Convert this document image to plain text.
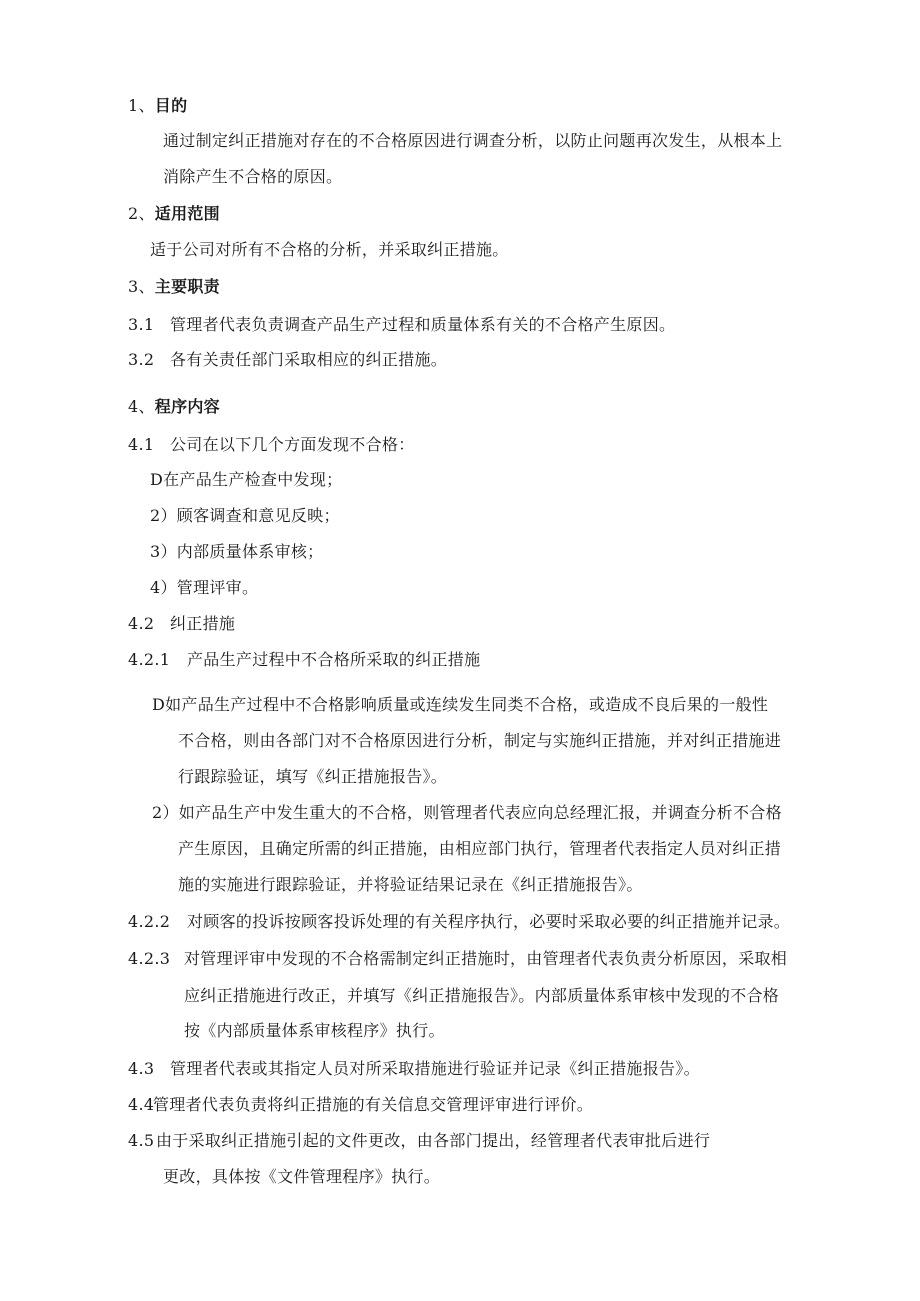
1、目的
通过制定纠正措施对存在的不合格原因进行调查分析，以防止问题再次发生，从根本上
消除产生不合格的原因。
2、适用范围
适于公司对所有不合格的分析，并采取纠正措施。
3、主要职责
3.1 管理者代表负责调查产品生产过程和质量体系有关的不合格产生原因。
3.2 各有关责任部门采取相应的纠正措施。
4、程序内容
4.1 公司在以下几个方面发现不合格：
D在产品生产检查中发现；
2）顾客调查和意见反映；
3）内部质量体系审核；
4）管理评审。
4.2 纠正措施
4.2.1 产品生产过程中不合格所采取的纠正措施
D如产品生产过程中不合格影响质量或连续发生同类不合格，或造成不良后果的一般性
不合格，则由各部门对不合格原因进行分析，制定与实施纠正措施，并对纠正措施进
行跟踪验证，填写《纠正措施报告》。
2）如产品生产中发生重大的不合格，则管理者代表应向总经理汇报，并调查分析不合格
产生原因，且确定所需的纠正措施，由相应部门执行，管理者代表指定人员对纠正措
施的实施进行跟踪验证，并将验证结果记录在《纠正措施报告》。
4.2.2 对顾客的投诉按顾客投诉处理的有关程序执行，必要时采取必要的纠正措施并记录。
4.2.3 对管理评审中发现的不合格需制定纠正措施时，由管理者代表负责分析原因，采取相
应纠正措施进行改正，并填写《纠正措施报告》。内部质量体系审核中发现的不合格
按《内部质量体系审核程序》执行。
4.3 管理者代表或其指定人员对所采取措施进行验证并记录《纠正措施报告》。
4.4管理者代表负责将纠正措施的有关信息交管理评审进行评价。
4.5 由于采取纠正措施引起的文件更改，由各部门提出，经管理者代表审批后进行
更改，具体按《文件管理程序》执行。
